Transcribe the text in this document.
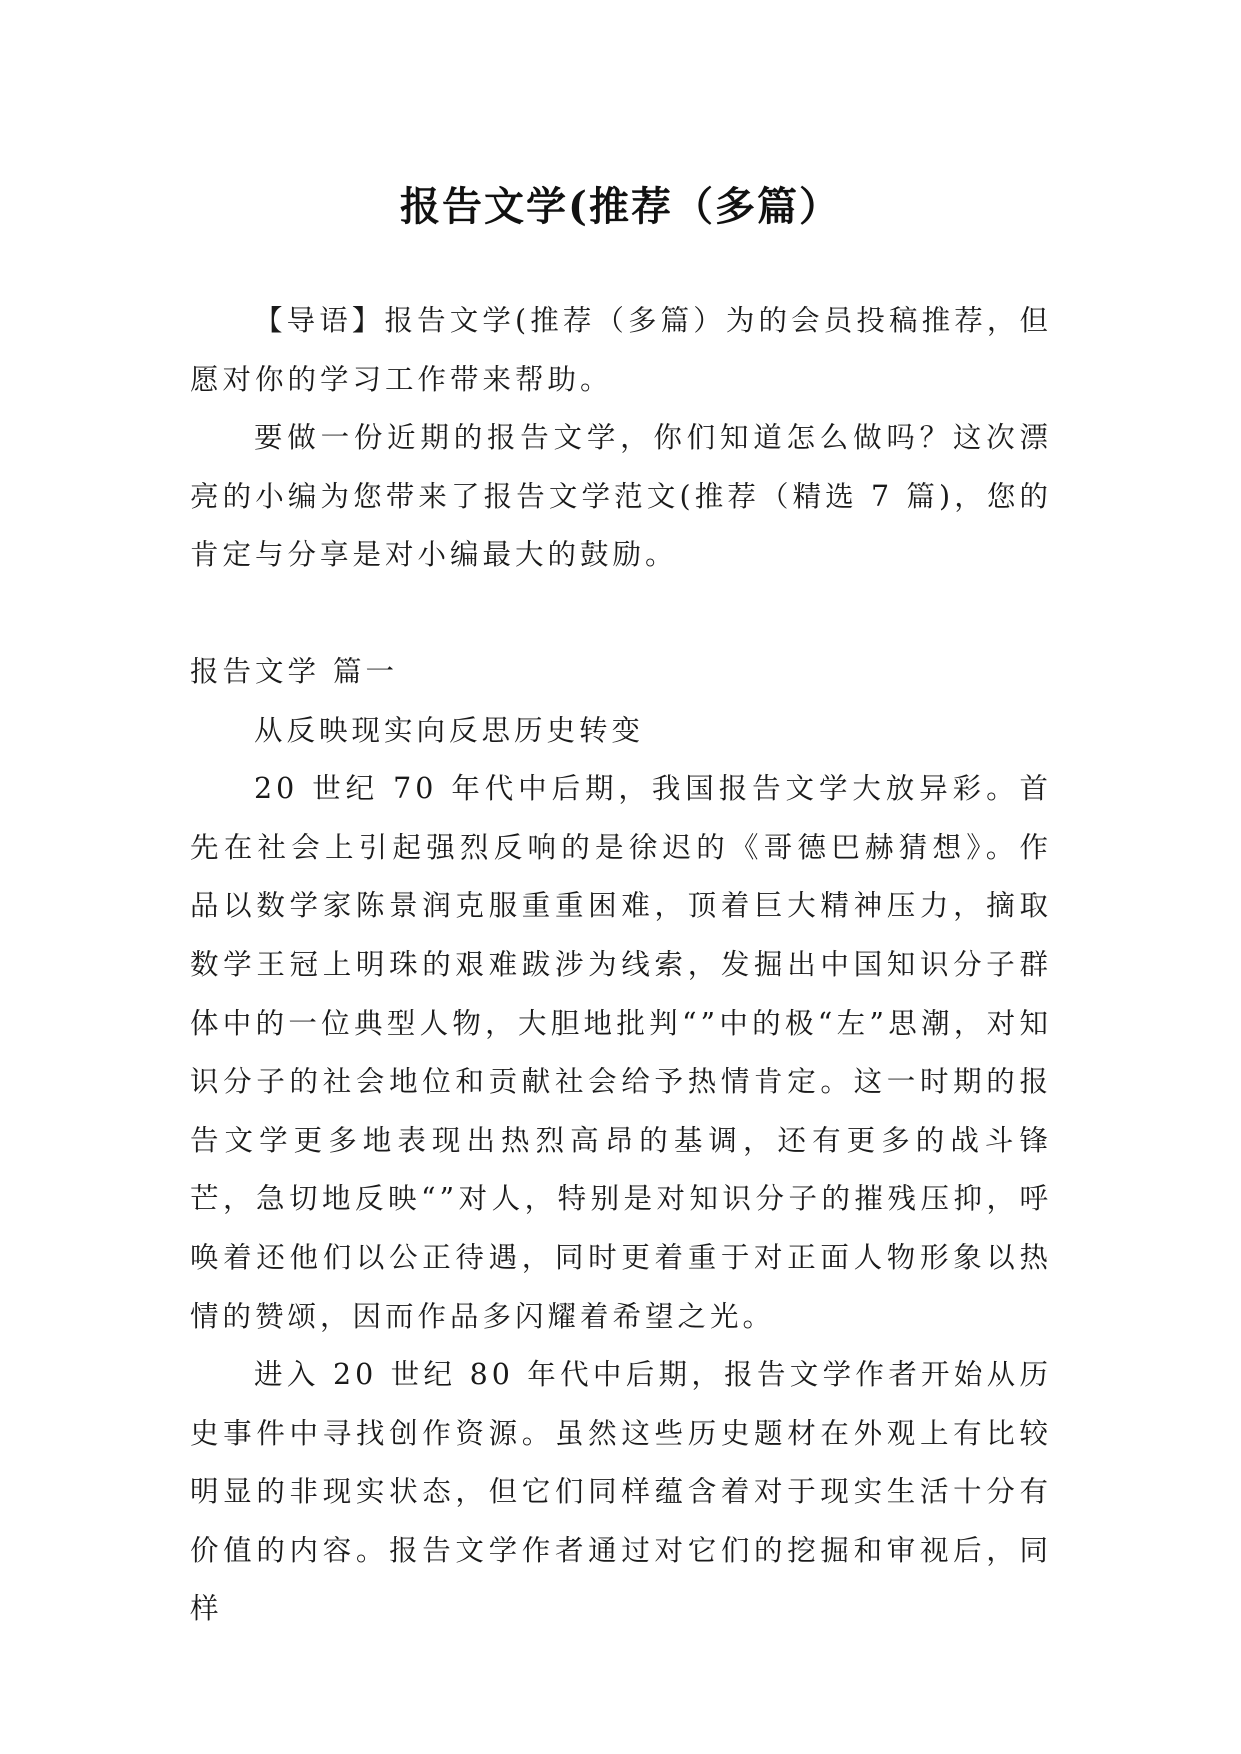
报告文学(推荐（多篇）

【导语】报告文学(推荐（多篇）为的会员投稿推荐，但愿对你的学习工作带来帮助。

要做一份近期的报告文学，你们知道怎么做吗？这次漂亮的小编为您带来了报告文学范文(推荐（精选 7 篇)，您的肯定与分享是对小编最大的鼓励。

报告文学 篇一

从反映现实向反思历史转变

20 世纪 70 年代中后期，我国报告文学大放异彩。首先在社会上引起强烈反响的是徐迟的《哥德巴赫猜想》。作品以数学家陈景润克服重重困难，顶着巨大精神压力，摘取数学王冠上明珠的艰难跋涉为线索，发掘出中国知识分子群体中的一位典型人物，大胆地批判“”中的极“左”思潮，对知识分子的社会地位和贡献社会给予热情肯定。这一时期的报告文学更多地表现出热烈高昂的基调，还有更多的战斗锋芒，急切地反映“”对人，特别是对知识分子的摧残压抑，呼唤着还他们以公正待遇，同时更着重于对正面人物形象以热情的赞颂，因而作品多闪耀着希望之光。

进入 20 世纪 80 年代中后期，报告文学作者开始从历史事件中寻找创作资源。虽然这些历史题材在外观上有比较明显的非现实状态，但它们同样蕴含着对于现实生活十分有价值的内容。报告文学作者通过对它们的挖掘和审视后，同样
